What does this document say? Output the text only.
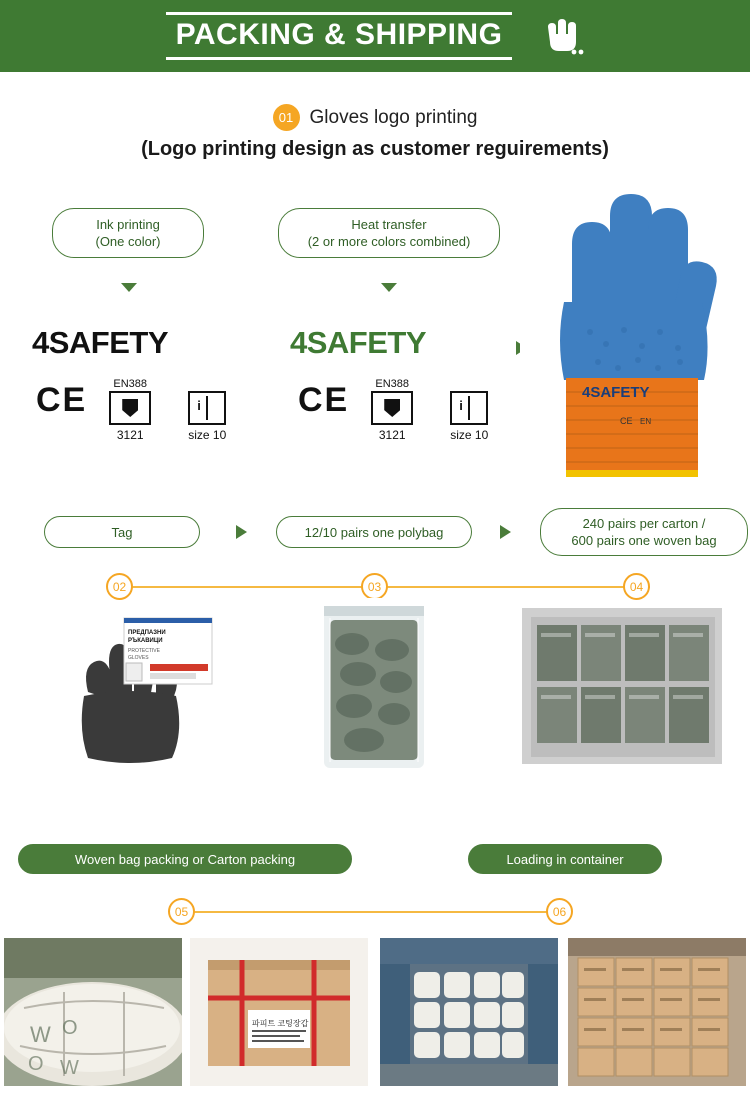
PACKING & SHIPPING
01 Gloves logo printing
(Logo printing design as customer reguirements)
Ink printing
(One color)
Heat transfer
(2 or more colors combined)
4SAFETY	4SAFETY
CE EN388
3121
i
size 10
CE EN388
3121
i
size 10
4SAFETY
CE EN
Tag	12/10 pairs one polybag
240 pairs per carton /
600 pairs one woven bag
02	03	04
ПРЕДПАЗНИ
РЪКАВИЦИ
PROTECTIVE
GLOVES
Woven bag packing or Carton packing	Loading in container
05	06
W O
O W
파피트 코팅장갑
